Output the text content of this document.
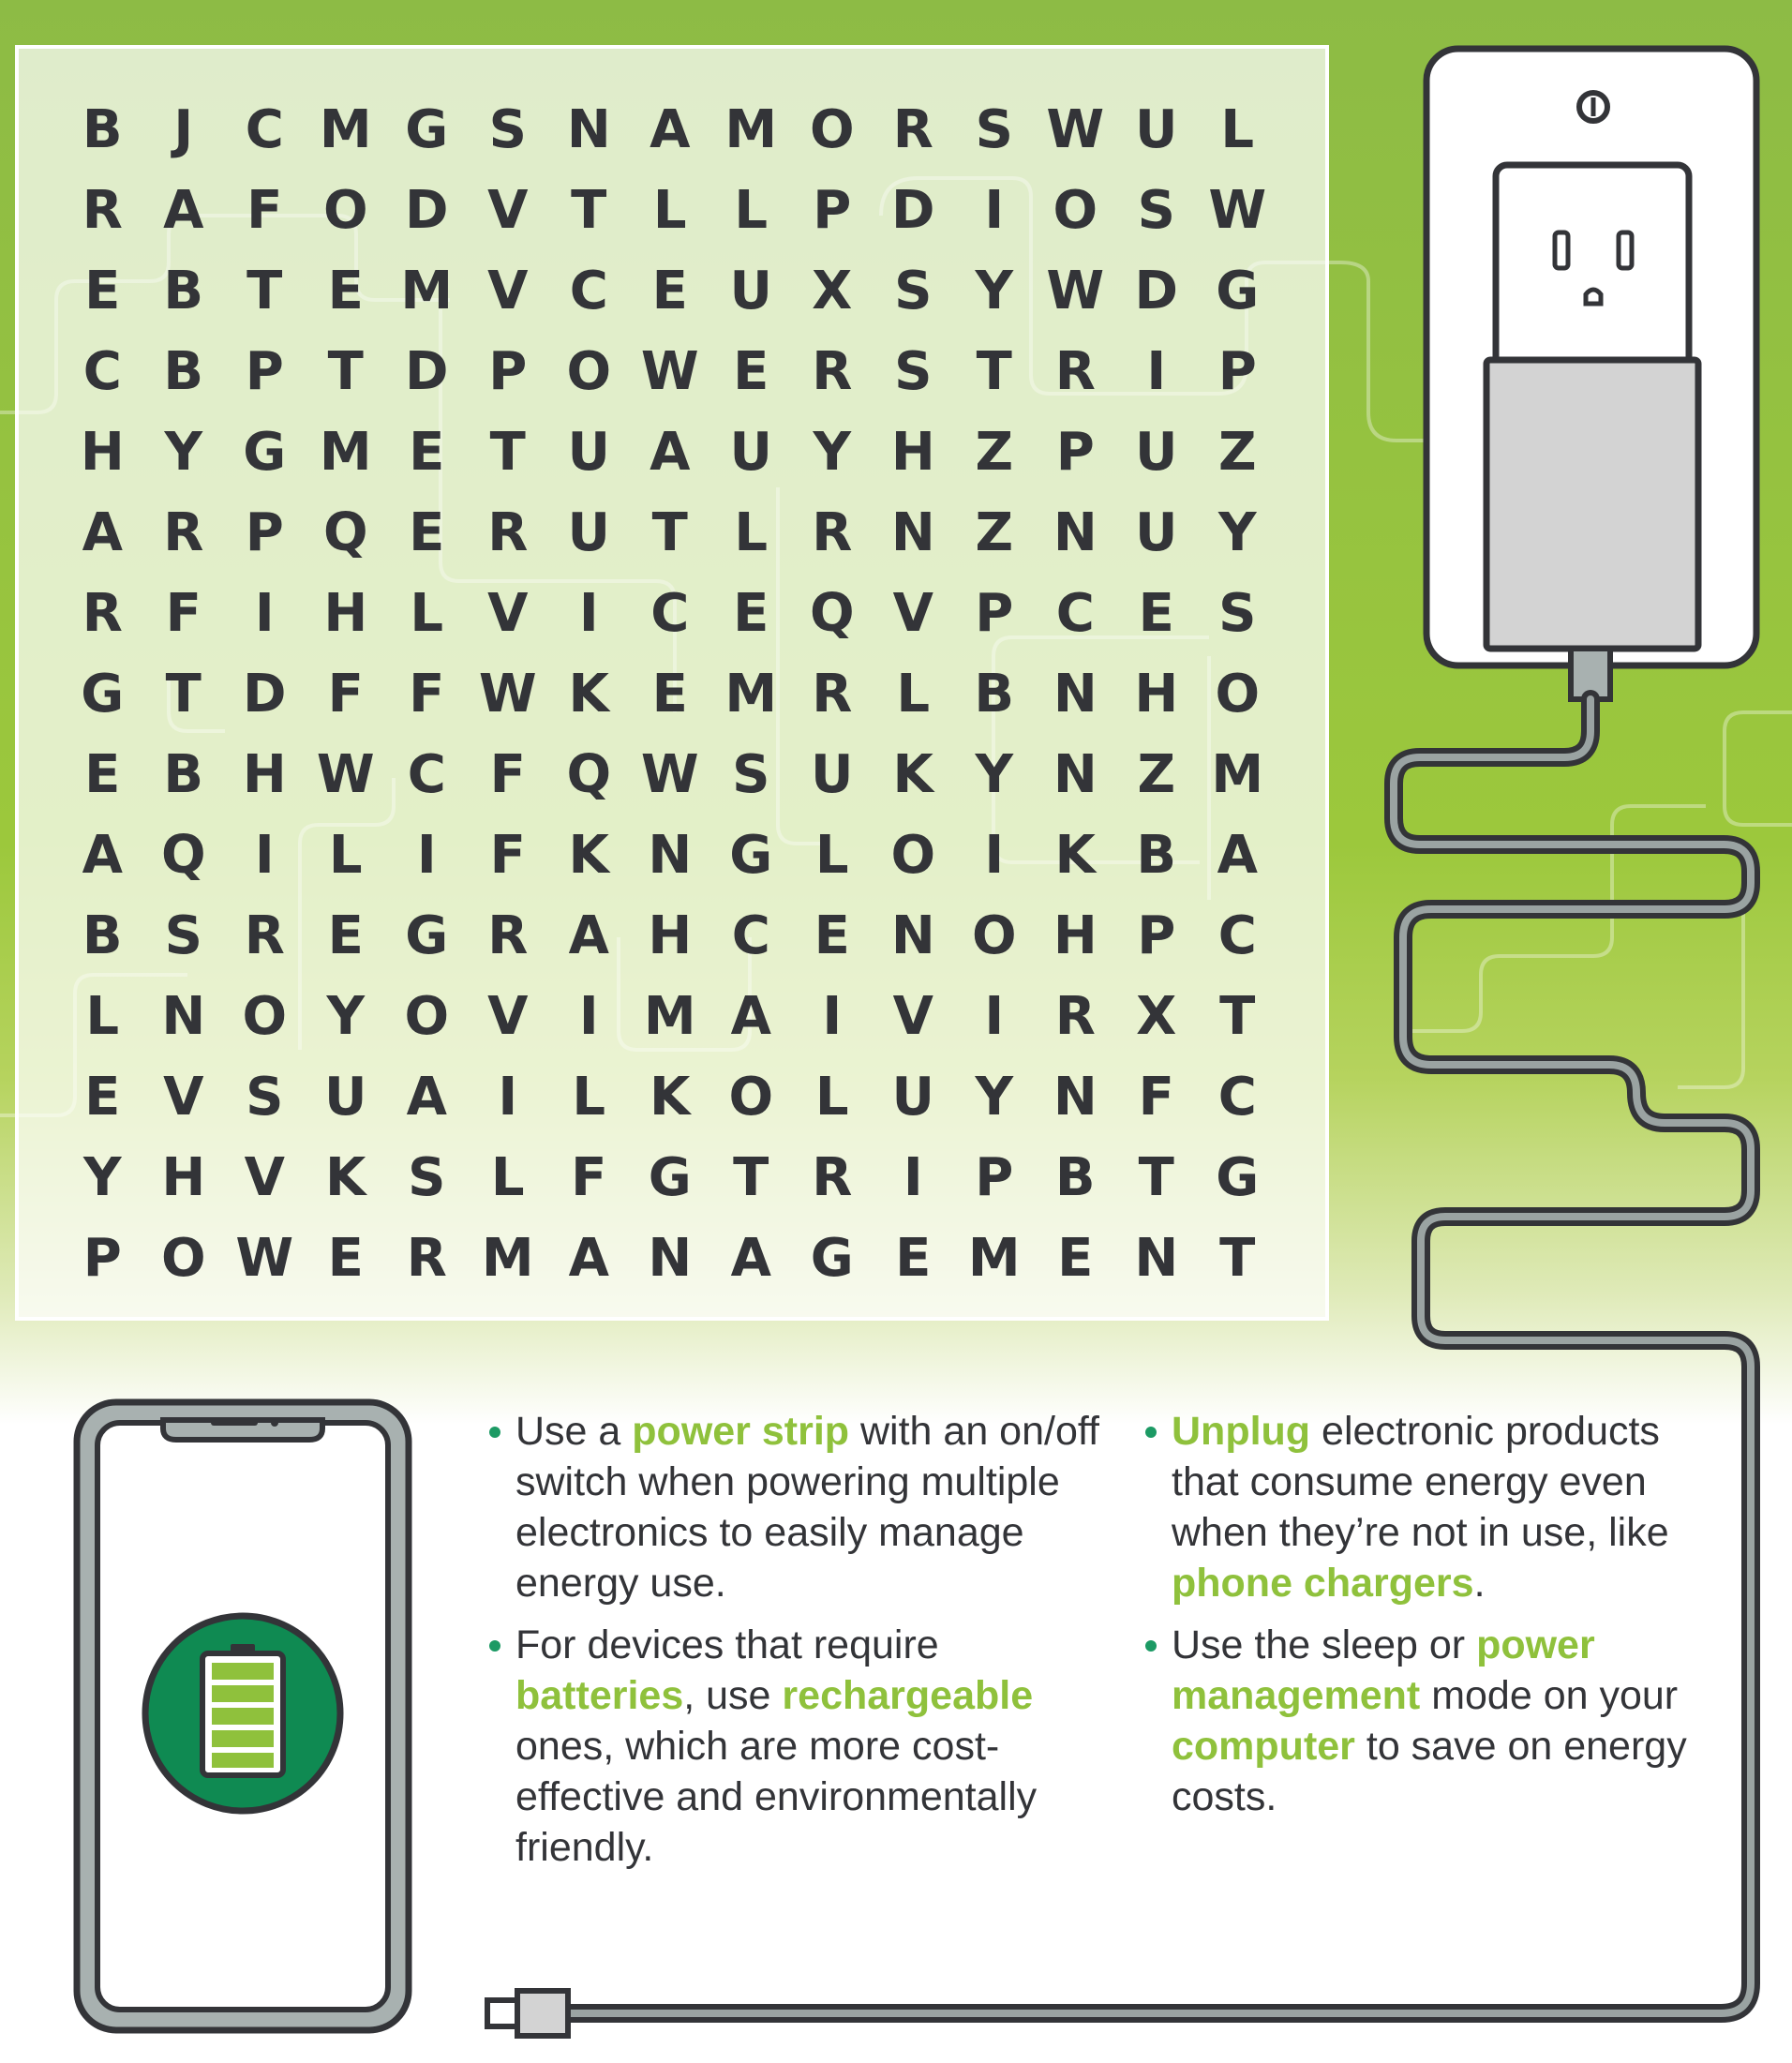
B J C M G S N A M O R S W U L
R A F O D V T L L P D I O S W
E B T E M V C E U X S Y W D G
C B P T D P O W E R S T R I P
H Y G M E T U A U Y H Z P U Z
A R P Q E R U T L R N Z N U Y
R F	I H L V I C E Q V P C E S
G T D F F W K E M R L B N H O
E B H W C F Q W S U K Y N Z M
A Q I	L	I	F K N G L O I K B A
B S R E G R A H C E N O H P C
L N O Y O V I M A I V I R X T
E V S U A I	L K O L U Y N F C
Y H V K S L F G T R I P B T G
P O W E R M A N A G E M E N T
Use a power strip with an on/off switch when powering multiple electronics to easily manage energy use.
For devices that require batteries, use rechargeable ones, which are more cost-effective and environmentally friendly.
Unplug electronic products that consume energy even when they’re not in use, like phone chargers.
Use the sleep or power management mode on your computer to save on energy costs.
